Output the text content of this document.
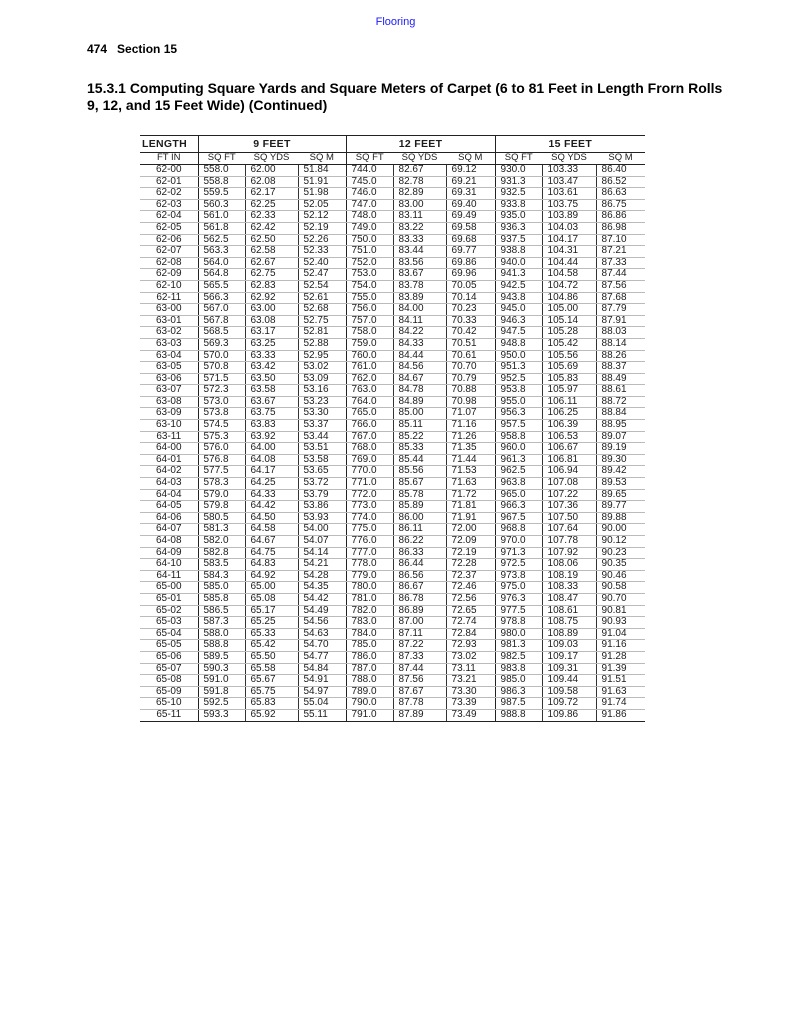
Flooring
474 Section 15
15.3.1 Computing Square Yards and Square Meters of Carpet (6 to 81 Feet in Length Frorn Rolls 9, 12, and 15 Feet Wide) (Continued)
LENGTH	9 FEET			12 FEET			15 FEET		
FT IN	SQ FT	SQ YDS	SQ M	SQ FT	SQ YDS	SQ M	SQ FT	SQ YDS	SQ M
62-00	558.0	62.00	51.84	744.0	82.67	69.12	930.0	103.33	86.40
62-01	558.8	62.08	51.91	745.0	82.78	69.21	931.3	103.47	86.52
62-02	559.5	62.17	51.98	746.0	82.89	69.31	932.5	103.61	86.63
62-03	560.3	62.25	52.05	747.0	83.00	69.40	933.8	103.75	86.75
62-04	561.0	62.33	52.12	748.0	83.11	69.49	935.0	103.89	86.86
62-05	561.8	62.42	52.19	749.0	83.22	69.58	936.3	104.03	86.98
62-06	562.5	62.50	52.26	750.0	83.33	69.68	937.5	104.17	87.10
62-07	563.3	62.58	52.33	751.0	83.44	69.77	938.8	104.31	87.21
62-08	564.0	62.67	52.40	752.0	83.56	69.86	940.0	104.44	87.33
62-09	564.8	62.75	52.47	753.0	83.67	69.96	941.3	104.58	87.44
62-10	565.5	62.83	52.54	754.0	83.78	70.05	942.5	104.72	87.56
62-11	566.3	62.92	52.61	755.0	83.89	70.14	943.8	104.86	87.68
63-00	567.0	63.00	52.68	756.0	84.00	70.23	945.0	105.00	87.79
63-01	567.8	63.08	52.75	757.0	84.11	70.33	946.3	105.14	87.91
63-02	568.5	63.17	52.81	758.0	84.22	70.42	947.5	105.28	88.03
63-03	569.3	63.25	52.88	759.0	84.33	70.51	948.8	105.42	88.14
63-04	570.0	63.33	52.95	760.0	84.44	70.61	950.0	105.56	88.26
63-05	570.8	63.42	53.02	761.0	84.56	70.70	951.3	105.69	88.37
63-06	571.5	63.50	53.09	762.0	84.67	70.79	952.5	105.83	88.49
63-07	572.3	63.58	53.16	763.0	84.78	70.88	953.8	105.97	88.61
63-08	573.0	63.67	53.23	764.0	84.89	70.98	955.0	106.11	88.72
63-09	573.8	63.75	53.30	765.0	85.00	71.07	956.3	106.25	88.84
63-10	574.5	63.83	53.37	766.0	85.11	71.16	957.5	106.39	88.95
63-11	575.3	63.92	53.44	767.0	85.22	71.26	958.8	106.53	89.07
64-00	576.0	64.00	53.51	768.0	85.33	71.35	960.0	106.67	89.19
64-01	576.8	64.08	53.58	769.0	85.44	71.44	961.3	106.81	89.30
64-02	577.5	64.17	53.65	770.0	85.56	71.53	962.5	106.94	89.42
64-03	578.3	64.25	53.72	771.0	85.67	71.63	963.8	107.08	89.53
64-04	579.0	64.33	53.79	772.0	85.78	71.72	965.0	107.22	89.65
64-05	579.8	64.42	53.86	773.0	85.89	71.81	966.3	107.36	89.77
64-06	580.5	64.50	53.93	774.0	86.00	71.91	967.5	107.50	89.88
64-07	581.3	64.58	54.00	775.0	86.11	72.00	968.8	107.64	90.00
64-08	582.0	64.67	54.07	776.0	86.22	72.09	970.0	107.78	90.12
64-09	582.8	64.75	54.14	777.0	86.33	72.19	971.3	107.92	90.23
64-10	583.5	64.83	54.21	778.0	86.44	72.28	972.5	108.06	90.35
64-11	584.3	64.92	54.28	779.0	86.56	72.37	973.8	108.19	90.46
65-00	585.0	65.00	54.35	780.0	86.67	72.46	975.0	108.33	90.58
65-01	585.8	65.08	54.42	781.0	86.78	72.56	976.3	108.47	90.70
65-02	586.5	65.17	54.49	782.0	86.89	72.65	977.5	108.61	90.81
65-03	587.3	65.25	54.56	783.0	87.00	72.74	978.8	108.75	90.93
65-04	588.0	65.33	54.63	784.0	87.11	72.84	980.0	108.89	91.04
65-05	588.8	65.42	54.70	785.0	87.22	72.93	981.3	109.03	91.16
65-06	589.5	65.50	54.77	786.0	87.33	73.02	982.5	109.17	91.28
65-07	590.3	65.58	54.84	787.0	87.44	73.11	983.8	109.31	91.39
65-08	591.0	65.67	54.91	788.0	87.56	73.21	985.0	109.44	91.51
65-09	591.8	65.75	54.97	789.0	87.67	73.30	986.3	109.58	91.63
65-10	592.5	65.83	55.04	790.0	87.78	73.39	987.5	109.72	91.74
65-11	593.3	65.92	55.11	791.0	87.89	73.49	988.8	109.86	91.86
